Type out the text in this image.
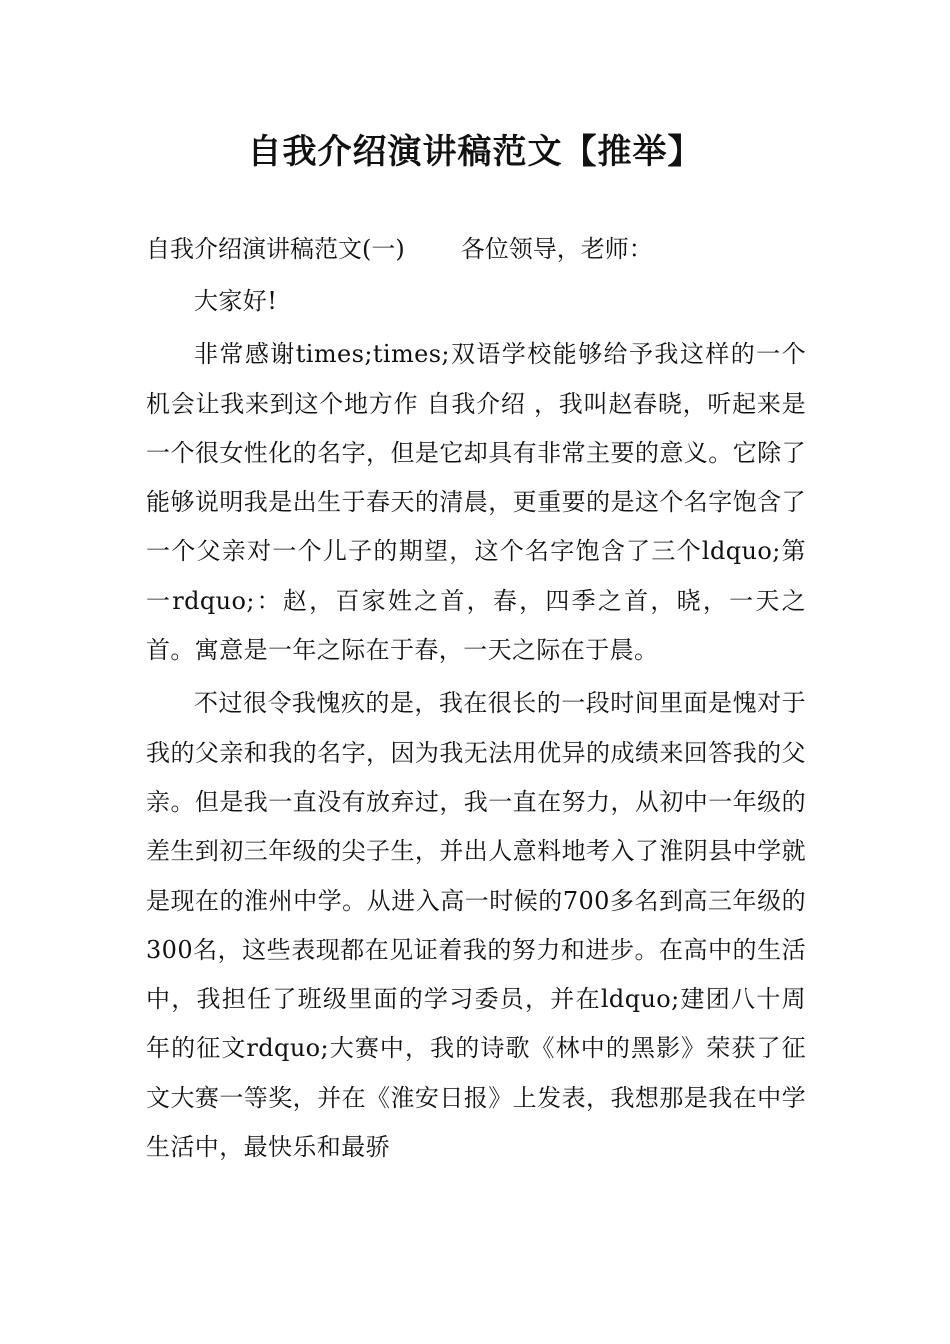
自我介绍演讲稿范文【推举】
自我介绍演讲稿范文(一) 各位领导，老师：

大家好!

非常感谢times;times;双语学校能够给予我这样的一个机会让我来到这个地方作 自我介绍 ，我叫赵春晓，听起来是一个很女性化的名字，但是它却具有非常主要的意义。它除了能够说明我是出生于春天的清晨，更重要的是这个名字饱含了一个父亲对一个儿子的期望，这个名字饱含了三个ldquo;第一rdquo;：赵，百家姓之首，春，四季之首，晓，一天之首。寓意是一年之际在于春，一天之际在于晨。

不过很令我愧疚的是，我在很长的一段时间里面是愧对于我的父亲和我的名字，因为我无法用优异的成绩来回答我的父亲。但是我一直没有放弃过，我一直在努力，从初中一年级的差生到初三年级的尖子生，并出人意料地考入了淮阴县中学就是现在的淮州中学。从进入高一时候的700多名到高三年级的300名，这些表现都在见证着我的努力和进步。在高中的生活中，我担任了班级里面的学习委员，并在ldquo;建团八十周年的征文rdquo;大赛中，我的诗歌《林中的黑影》荣获了征文大赛一等奖，并在《淮安日报》上发表，我想那是我在中学生活中，最快乐和最骄
